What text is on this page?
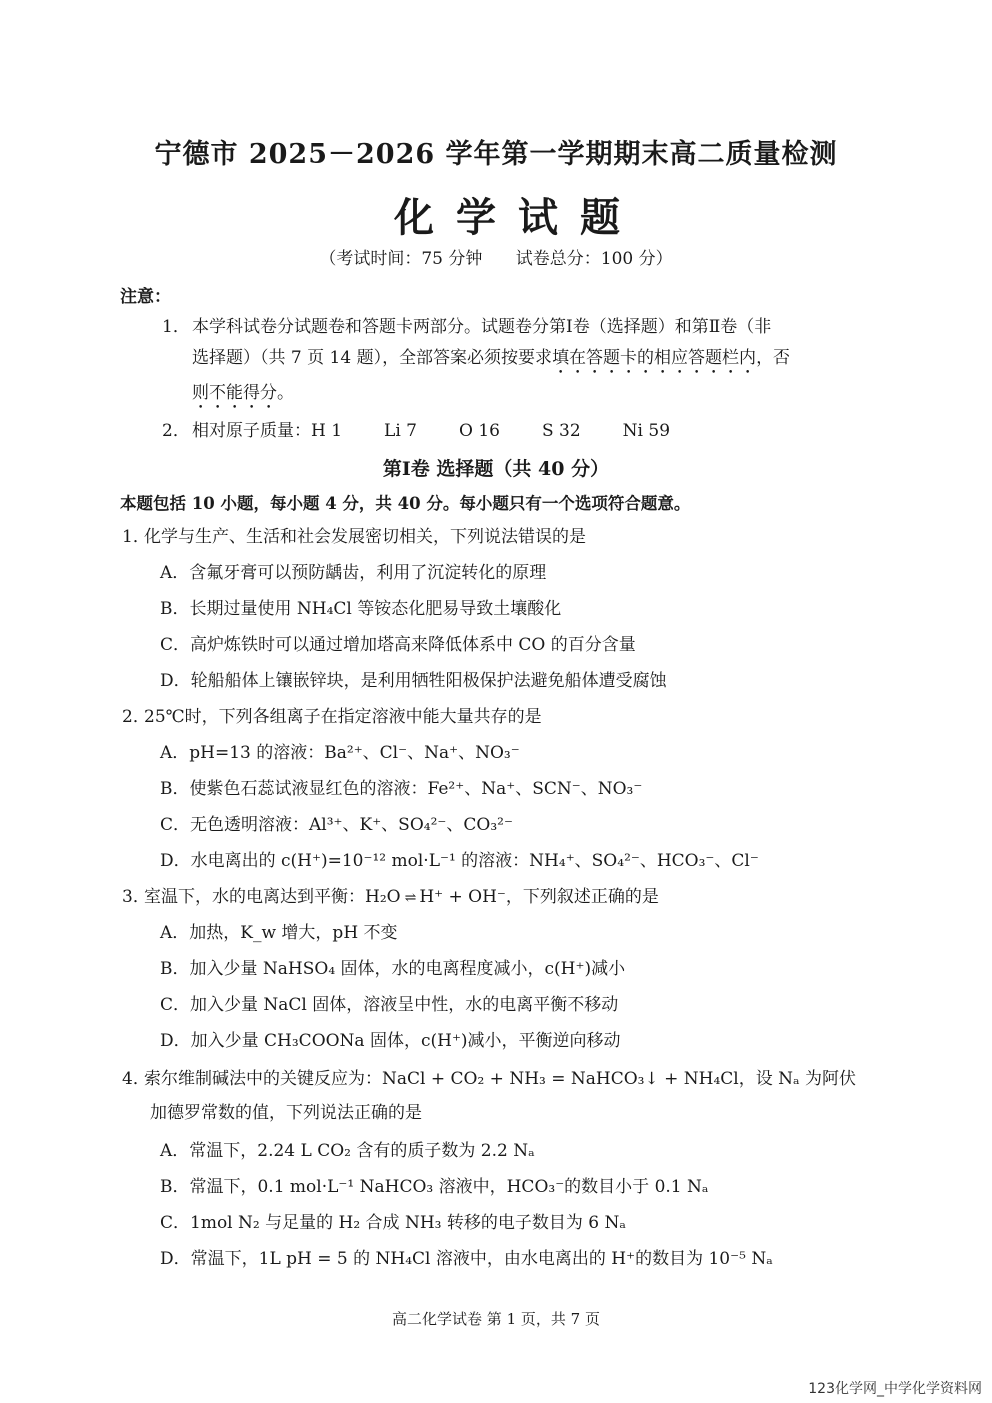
宁德市 2025－2026 学年第一学期期末高二质量检测
化学试题
（考试时间：75 分钟 试卷总分：100 分）
注意：
1． 本学科试卷分试题卷和答题卡两部分。试题卷分第Ⅰ卷（选择题）和第Ⅱ卷（非
选择题）（共 7 页 14 题），全部答案必须按要求填在答题卡的相应答题栏内，否
则不能得分。
2． 相对原子质量：H 1 Li 7 O 16 S 32 Ni 59
第Ⅰ卷 选择题（共 40 分）
本题包括 10 小题，每小题 4 分，共 40 分。每小题只有一个选项符合题意。
1．化学与生产、生活和社会发展密切相关，下列说法错误的是
A．含氟牙膏可以预防龋齿，利用了沉淀转化的原理
B．长期过量使用 NH₄Cl 等铵态化肥易导致土壤酸化
C．高炉炼铁时可以通过增加塔高来降低体系中 CO 的百分含量
D．轮船船体上镶嵌锌块，是利用牺牲阳极保护法避免船体遭受腐蚀
2．25℃时，下列各组离子在指定溶液中能大量共存的是
A．pH=13 的溶液：Ba²⁺、Cl⁻、Na⁺、NO₃⁻
B．使紫色石蕊试液显红色的溶液：Fe²⁺、Na⁺、SCN⁻、NO₃⁻
C．无色透明溶液：Al³⁺、K⁺、SO₄²⁻、CO₃²⁻
D．水电离出的 c(H⁺)=10⁻¹² mol·L⁻¹ 的溶液：NH₄⁺、SO₄²⁻、HCO₃⁻、Cl⁻
3．室温下，水的电离达到平衡：H₂O ⇌ H⁺ + OH⁻，下列叙述正确的是
A．加热，K_w 增大，pH 不变
B．加入少量 NaHSO₄ 固体，水的电离程度减小，c(H⁺)减小
C．加入少量 NaCl 固体，溶液呈中性，水的电离平衡不移动
D．加入少量 CH₃COONa 固体，c(H⁺)减小，平衡逆向移动
4．索尔维制碱法中的关键反应为：NaCl + CO₂ + NH₃ = NaHCO₃↓ + NH₄Cl，设 Nₐ 为阿伏
加德罗常数的值，下列说法正确的是
A．常温下，2.24 L CO₂ 含有的质子数为 2.2 Nₐ
B．常温下，0.1 mol·L⁻¹ NaHCO₃ 溶液中，HCO₃⁻的数目小于 0.1 Nₐ
C．1mol N₂ 与足量的 H₂ 合成 NH₃ 转移的电子数目为 6 Nₐ
D．常温下，1L pH = 5 的 NH₄Cl 溶液中，由水电离出的 H⁺的数目为 10⁻⁵ Nₐ
高二化学试卷 第 1 页，共 7 页
123化学网_中学化学资料网
